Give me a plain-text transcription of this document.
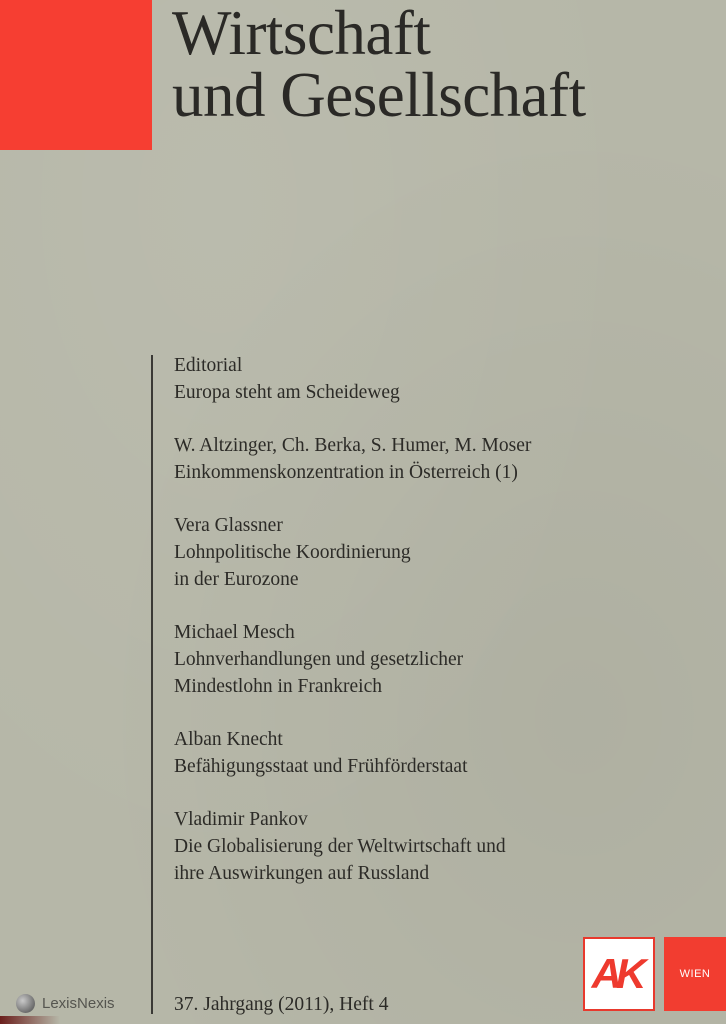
Wirtschaft
und Gesellschaft
Editorial
Europa steht am Scheideweg
W. Altzinger, Ch. Berka, S. Humer, M. Moser
Einkommenskonzentration in Österreich (1)
Vera Glassner
Lohnpolitische Koordinierung
in der Eurozone
Michael Mesch
Lohnverhandlungen und gesetzlicher
Mindestlohn in Frankreich
Alban Knecht
Befähigungsstaat und Frühförderstaat
Vladimir Pankov
Die Globalisierung der Weltwirtschaft und
ihre Auswirkungen auf Russland
LexisNexis	37. Jahrgang (2011), Heft 4
AK	WIEN
